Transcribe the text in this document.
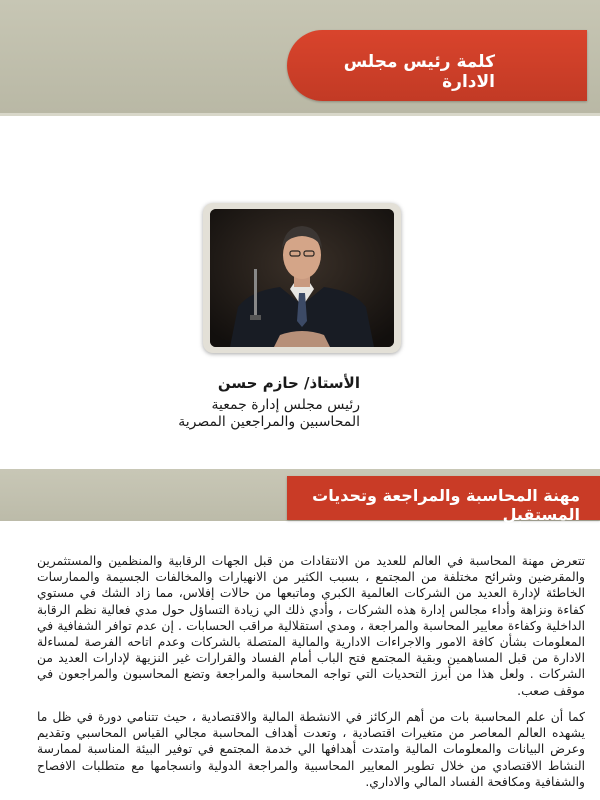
كلمة رئيس مجلس الادارة
الأستاذ/ حازم حسن
رئيس مجلس إدارة جمعية المحاسبين والمراجعين المصرية
مهنة المحاسبة والمراجعة وتحديات المستقبل
تتعرض مهنة المحاسبة في العالم للعديد من الانتقادات من قبل الجهات الرقابية والمنظمين والمستثمرين والمقرضين وشرائح مختلفة من المجتمع ، بسبب الكثير من الانهيارات والمخالفات الجسيمة والممارسات الخاطئة لإدارة العديد من الشركات العالمية الكبري وماتبعها من حالات إفلاس، مما زاد الشك في مستوي كفاءة ونزاهة وأداء مجالس إدارة هذه الشركات ، وأدي ذلك الي زيادة التساؤل حول مدي فعالية نظم الرقابة الداخلية وكفاءة معايير المحاسبة والمراجعة ، ومدي استقلالية مراقب الحسابات . إن عدم توافر الشفافية في المعلومات بشأن كافة الامور والاجراءات الادارية والمالية المتصلة بالشركات وعدم اتاحه الفرصة لمساءلة الادارة من قبل المساهمين وبقية المجتمع فتح الباب أمام الفساد والقرارات غير النزيهة لإدارات العديد من الشركات . ولعل هذا من أبرز التحديات التي تواجه المحاسبة والمراجعة وتضع المحاسبون والمراجعون في موقف صعب.
كما أن علم المحاسبة بات من أهم الركائز في الانشطة المالية والاقتصادية ، حيث تتنامي دورة في ظل ما يشهده العالم المعاصر من متغيرات اقتصادية ، وتعدت أهداف المحاسبة مجالي القياس المحاسبي وتقديم وعرض البيانات والمعلومات المالية وامتدت أهدافها الي خدمة المجتمع في توفير البيئة المناسبة لممارسة النشاط الاقتصادي من خلال تطوير المعايير المحاسبية والمراجعة الدولية وانسجامها مع متطلبات الافصاح والشفافية ومكافحة الفساد المالي والاداري.
